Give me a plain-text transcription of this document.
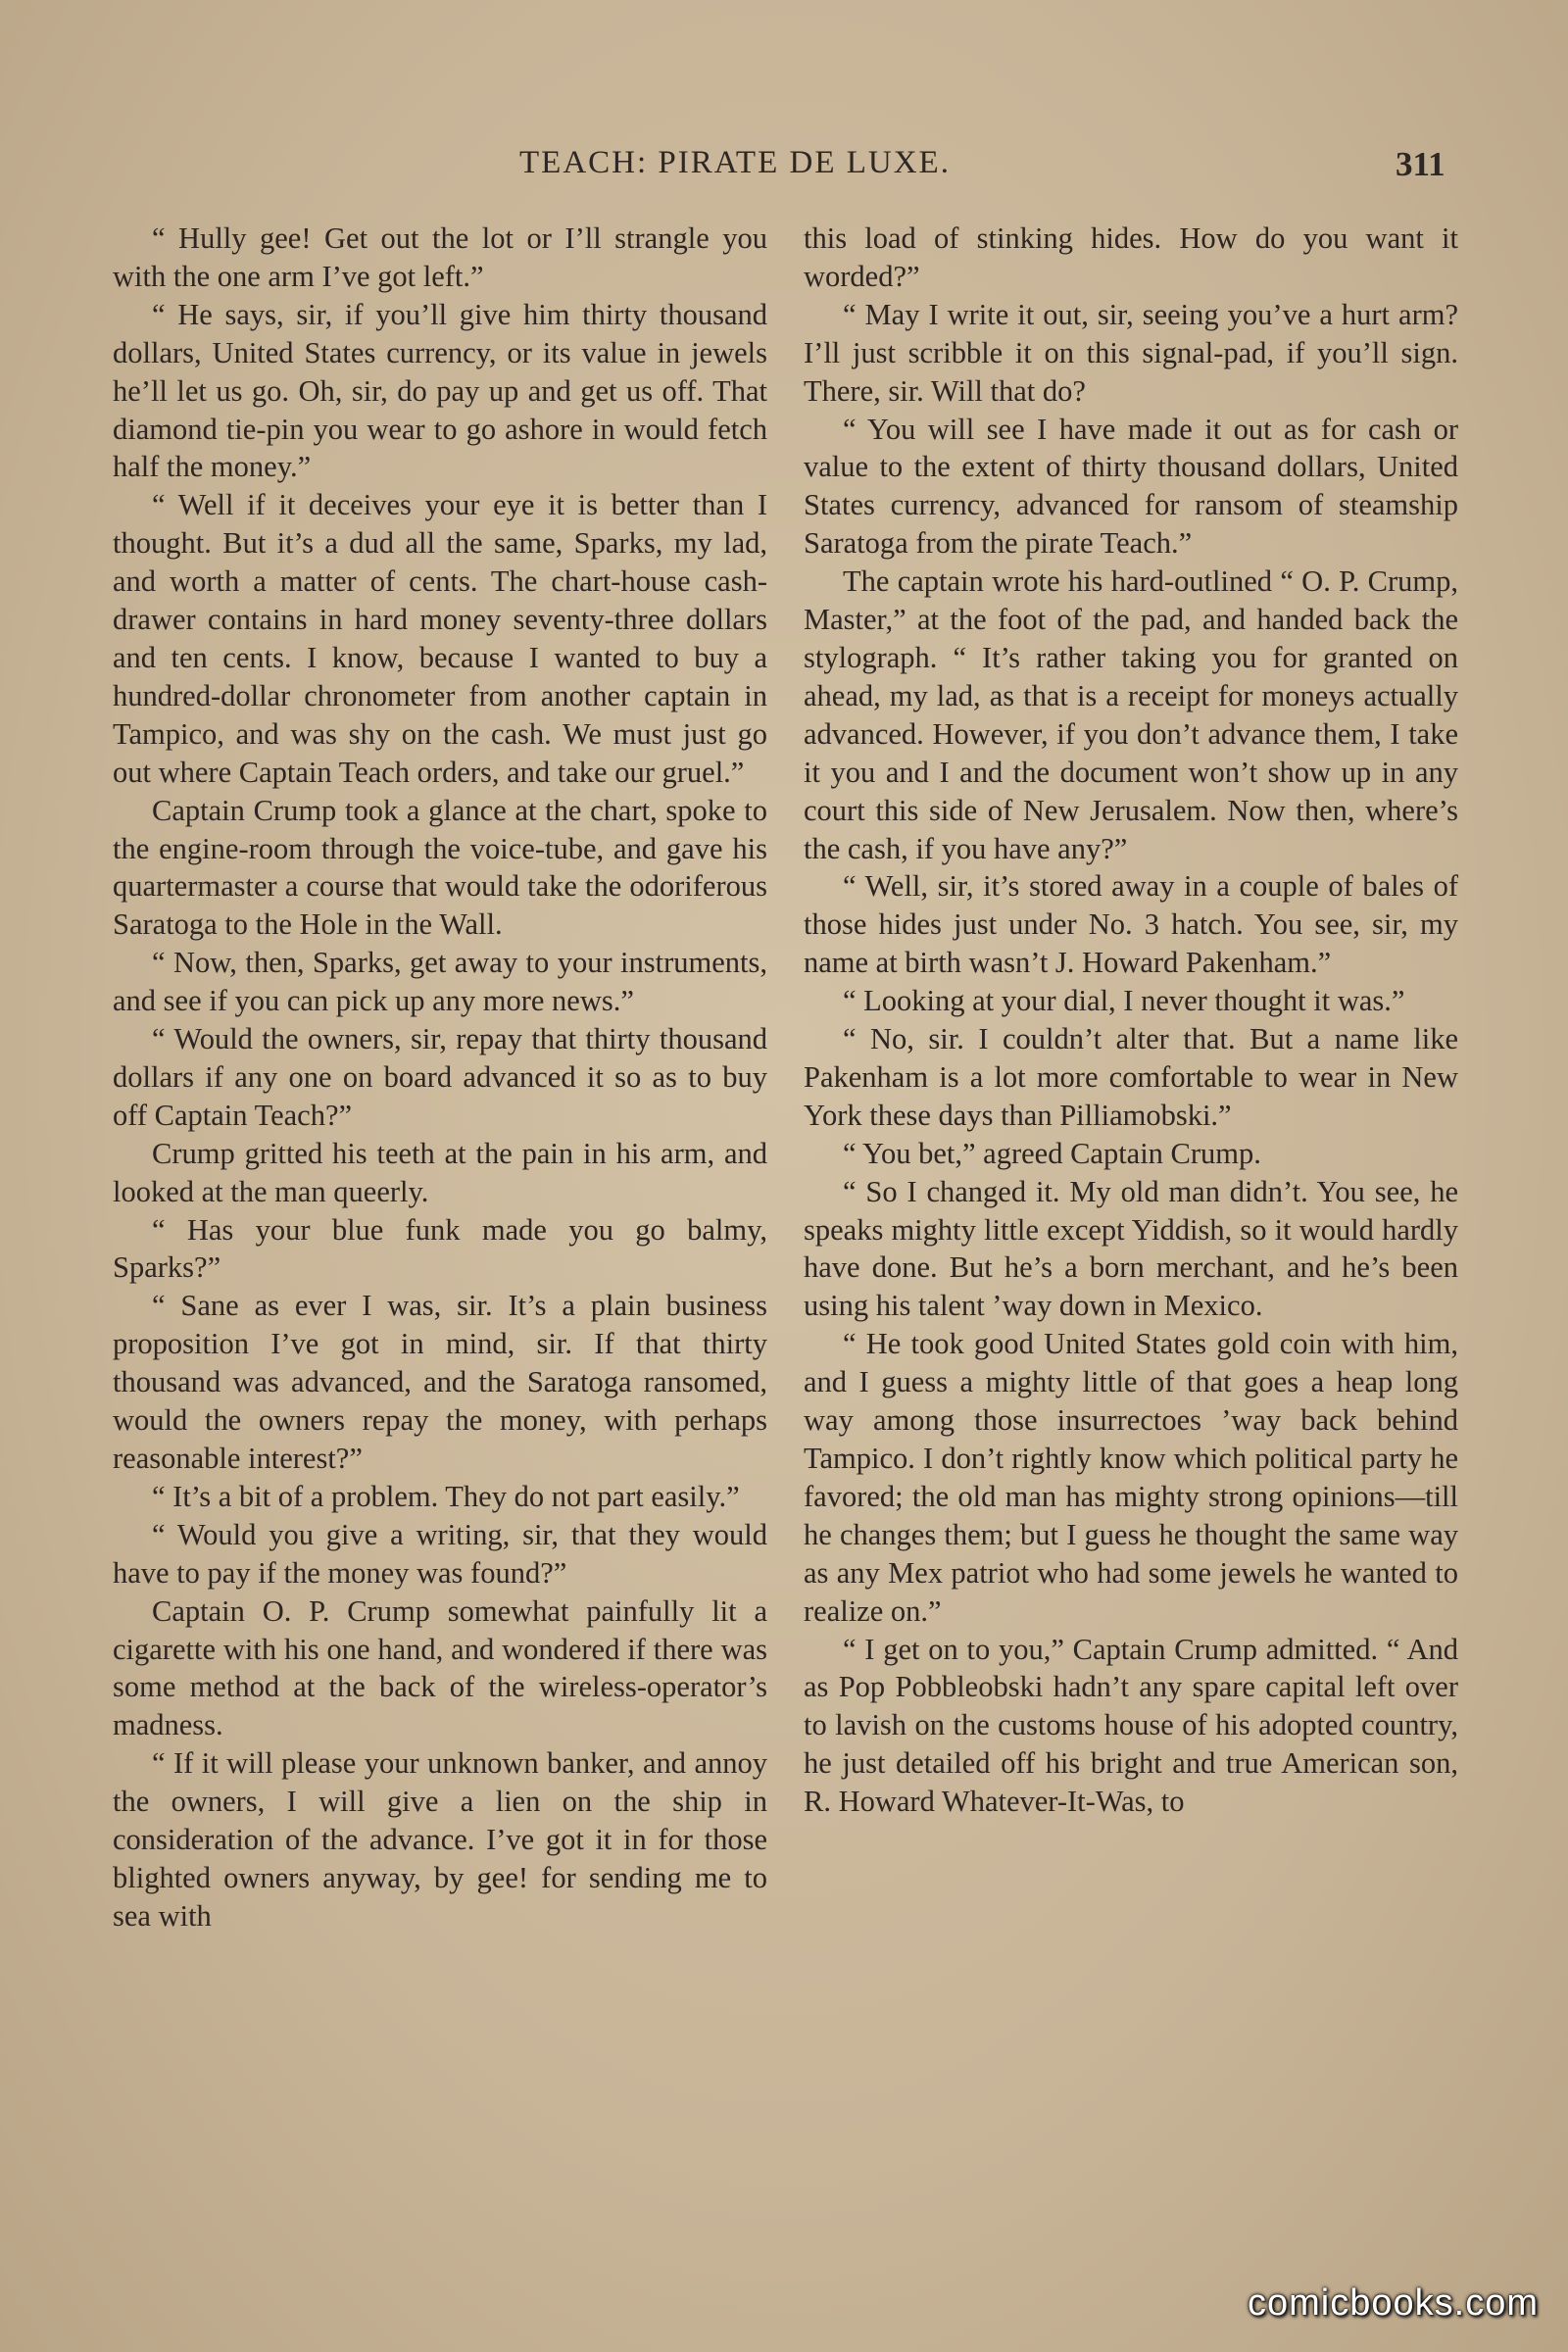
TEACH: PIRATE DE LUXE.	311

“ Hully gee! Get out the lot or I’ll strangle you with the one arm I’ve got left.”

“ He says, sir, if you’ll give him thirty thousand dollars, United States currency, or its value in jewels he’ll let us go. Oh, sir, do pay up and get us off. That diamond tie-pin you wear to go ashore in would fetch half the money.”

“ Well if it deceives your eye it is better than I thought. But it’s a dud all the same, Sparks, my lad, and worth a matter of cents. The chart-house cash-drawer contains in hard money seventy-three dollars and ten cents. I know, because I wanted to buy a hundred-dollar chronometer from another captain in Tampico, and was shy on the cash. We must just go out where Captain Teach orders, and take our gruel.”

Captain Crump took a glance at the chart, spoke to the engine-room through the voice-tube, and gave his quartermaster a course that would take the odoriferous Saratoga to the Hole in the Wall.

“ Now, then, Sparks, get away to your instruments, and see if you can pick up any more news.”

“ Would the owners, sir, repay that thirty thousand dollars if any one on board advanced it so as to buy off Captain Teach?”

Crump gritted his teeth at the pain in his arm, and looked at the man queerly.

“ Has your blue funk made you go balmy, Sparks?”

“ Sane as ever I was, sir. It’s a plain business proposition I’ve got in mind, sir. If that thirty thousand was advanced, and the Saratoga ransomed, would the owners repay the money, with perhaps reasonable interest?”

“ It’s a bit of a problem. They do not part easily.”

“ Would you give a writing, sir, that they would have to pay if the money was found?”

Captain O. P. Crump somewhat painfully lit a cigarette with his one hand, and wondered if there was some method at the back of the wireless-operator’s madness.

“ If it will please your unknown banker, and annoy the owners, I will give a lien on the ship in consideration of the advance. I’ve got it in for those blighted owners anyway, by gee! for sending me to sea with

this load of stinking hides. How do you want it worded?”

“ May I write it out, sir, seeing you’ve a hurt arm? I’ll just scribble it on this signal-pad, if you’ll sign. There, sir. Will that do?

“ You will see I have made it out as for cash or value to the extent of thirty thousand dollars, United States currency, advanced for ransom of steamship Saratoga from the pirate Teach.”

The captain wrote his hard-outlined “ O. P. Crump, Master,” at the foot of the pad, and handed back the stylograph. “ It’s rather taking you for granted on ahead, my lad, as that is a receipt for moneys actually advanced. However, if you don’t advance them, I take it you and I and the document won’t show up in any court this side of New Jerusalem. Now then, where’s the cash, if you have any?”

“ Well, sir, it’s stored away in a couple of bales of those hides just under No. 3 hatch. You see, sir, my name at birth wasn’t J. Howard Pakenham.”

“ Looking at your dial, I never thought it was.”

“ No, sir. I couldn’t alter that. But a name like Pakenham is a lot more comfortable to wear in New York these days than Pilliamobski.”

“ You bet,” agreed Captain Crump.

“ So I changed it. My old man didn’t. You see, he speaks mighty little except Yiddish, so it would hardly have done. But he’s a born merchant, and he’s been using his talent ’way down in Mexico.

“ He took good United States gold coin with him, and I guess a mighty little of that goes a heap long way among those insurrectoes ’way back behind Tampico. I don’t rightly know which political party he favored; the old man has mighty strong opinions—till he changes them; but I guess he thought the same way as any Mex patriot who had some jewels he wanted to realize on.”

“ I get on to you,” Captain Crump admitted. “ And as Pop Pobbleobski hadn’t any spare capital left over to lavish on the customs house of his adopted country, he just detailed off his bright and true American son, R. Howard Whatever-It-Was, to

comicbooks.com
